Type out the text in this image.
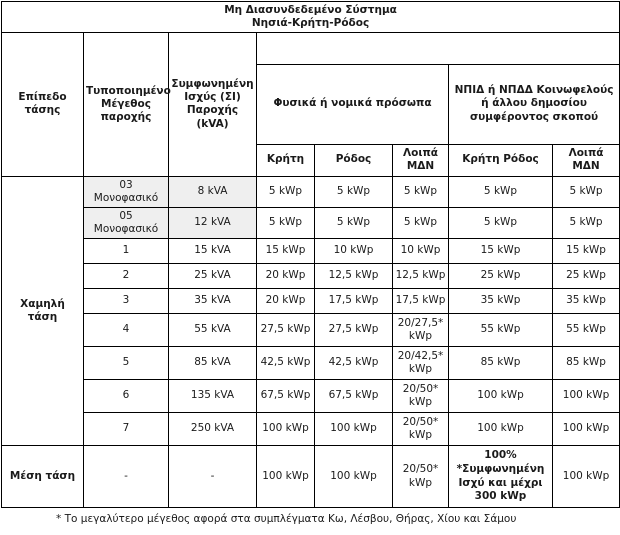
Μη Διασυνδεδεμένο Σύστημα
Νησιά-Κρήτη-Ρόδος							
Επίπεδο τάσης	Τυποποιημένο Μέγεθος παροχής	Συμφωνημένη Ισχύς (ΣΙ) Παροχής (kVA)	Μέγιστη επιτρεπόμενη ισχύς ΦΒ συστήματος
Αυτοπαραγωγής – Net Metering (kWp)				
			Φυσικά ή νομικά πρόσωπα			ΝΠΙΔ ή ΝΠΔΔ Κοινωφελούς ή άλλου δημοσίου συμφέροντος σκοπού	
			Κρήτη	Ρόδος	Λοιπά ΜΔΝ	Κρήτη Ρόδος	Λοιπά ΜΔΝ
Χαμηλή τάση	03 Μονοφασικό	8 kVA	5 kWp	5 kWp	5 kWp	5 kWp	5 kWp
	05 Μονοφασικό	12 kVA	5 kWp	5 kWp	5 kWp	5 kWp	5 kWp
	1	15 kVA	15 kWp	10 kWp	10 kWp	15 kWp	15 kWp
	2	25 kVA	20 kWp	12,5 kWp	12,5 kWp	25 kWp	25 kWp
	3	35 kVA	20 kWp	17,5 kWp	17,5 kWp	35 kWp	35 kWp
	4	55 kVA	27,5 kWp	27,5 kWp	20/27,5* kWp	55 kWp	55 kWp
	5	85 kVA	42,5 kWp	42,5 kWp	20/42,5* kWp	85 kWp	85 kWp
	6	135 kVA	67,5 kWp	67,5 kWp	20/50* kWp	100 kWp	100 kWp
	7	250 kVA	100 kWp	100 kWp	20/50* kWp	100 kWp	100 kWp
Μέση τάση	-	-	100 kWp	100 kWp	20/50* kWp	100% *Συμφωνημένη Ισχύ και μέχρι 300 kWp	100 kWp
* Το μεγαλύτερο μέγεθος αφορά στα συμπλέγματα Κω, Λέσβου, Θήρας, Χίου και Σάμου
